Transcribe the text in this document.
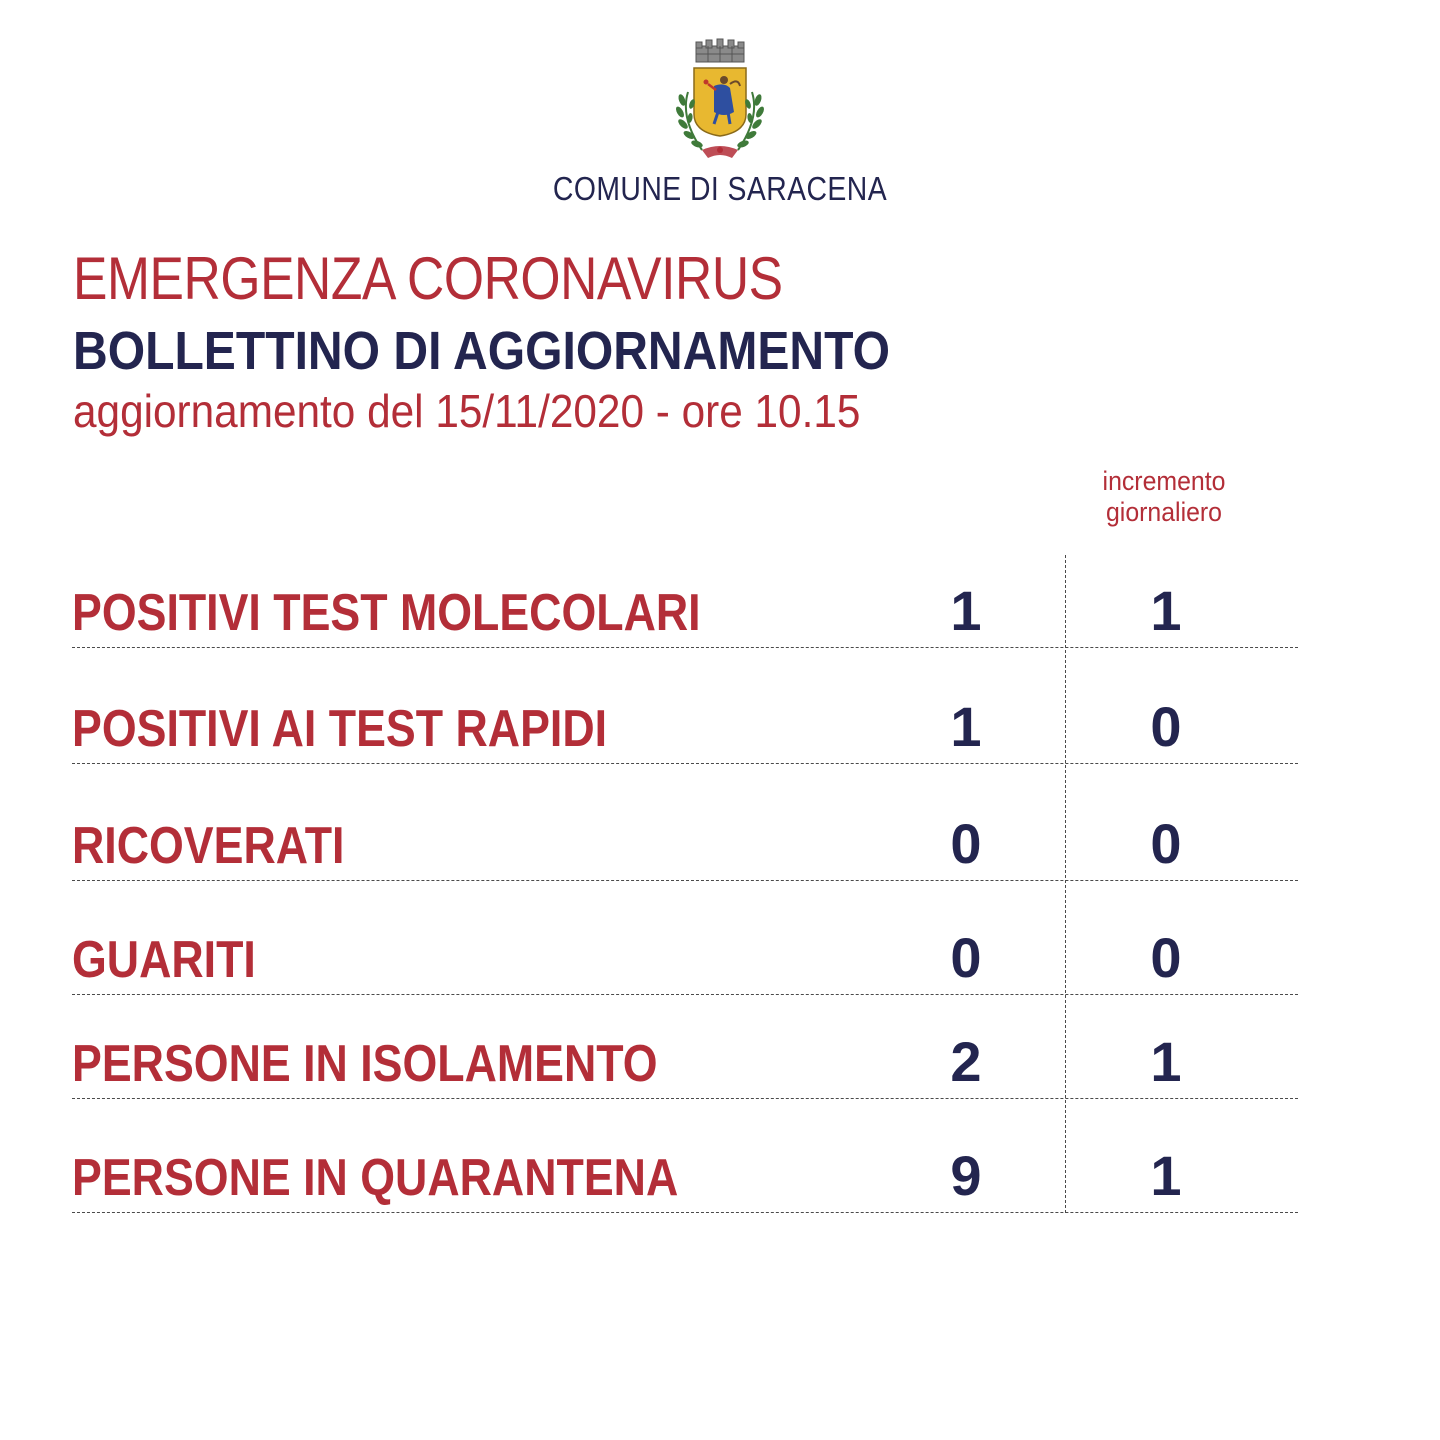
COMUNE DI SARACENA
EMERGENZA CORONAVIRUS
BOLLETTINO DI AGGIORNAMENTO
aggiornamento del 15/11/2020 - ore 10.15
incremento
giornaliero
POSITIVI TEST MOLECOLARI	1	1
POSITIVI AI TEST RAPIDI	1	0
RICOVERATI	0	0
GUARITI	0	0
PERSONE IN ISOLAMENTO	2	1
PERSONE IN QUARANTENA	9	1
